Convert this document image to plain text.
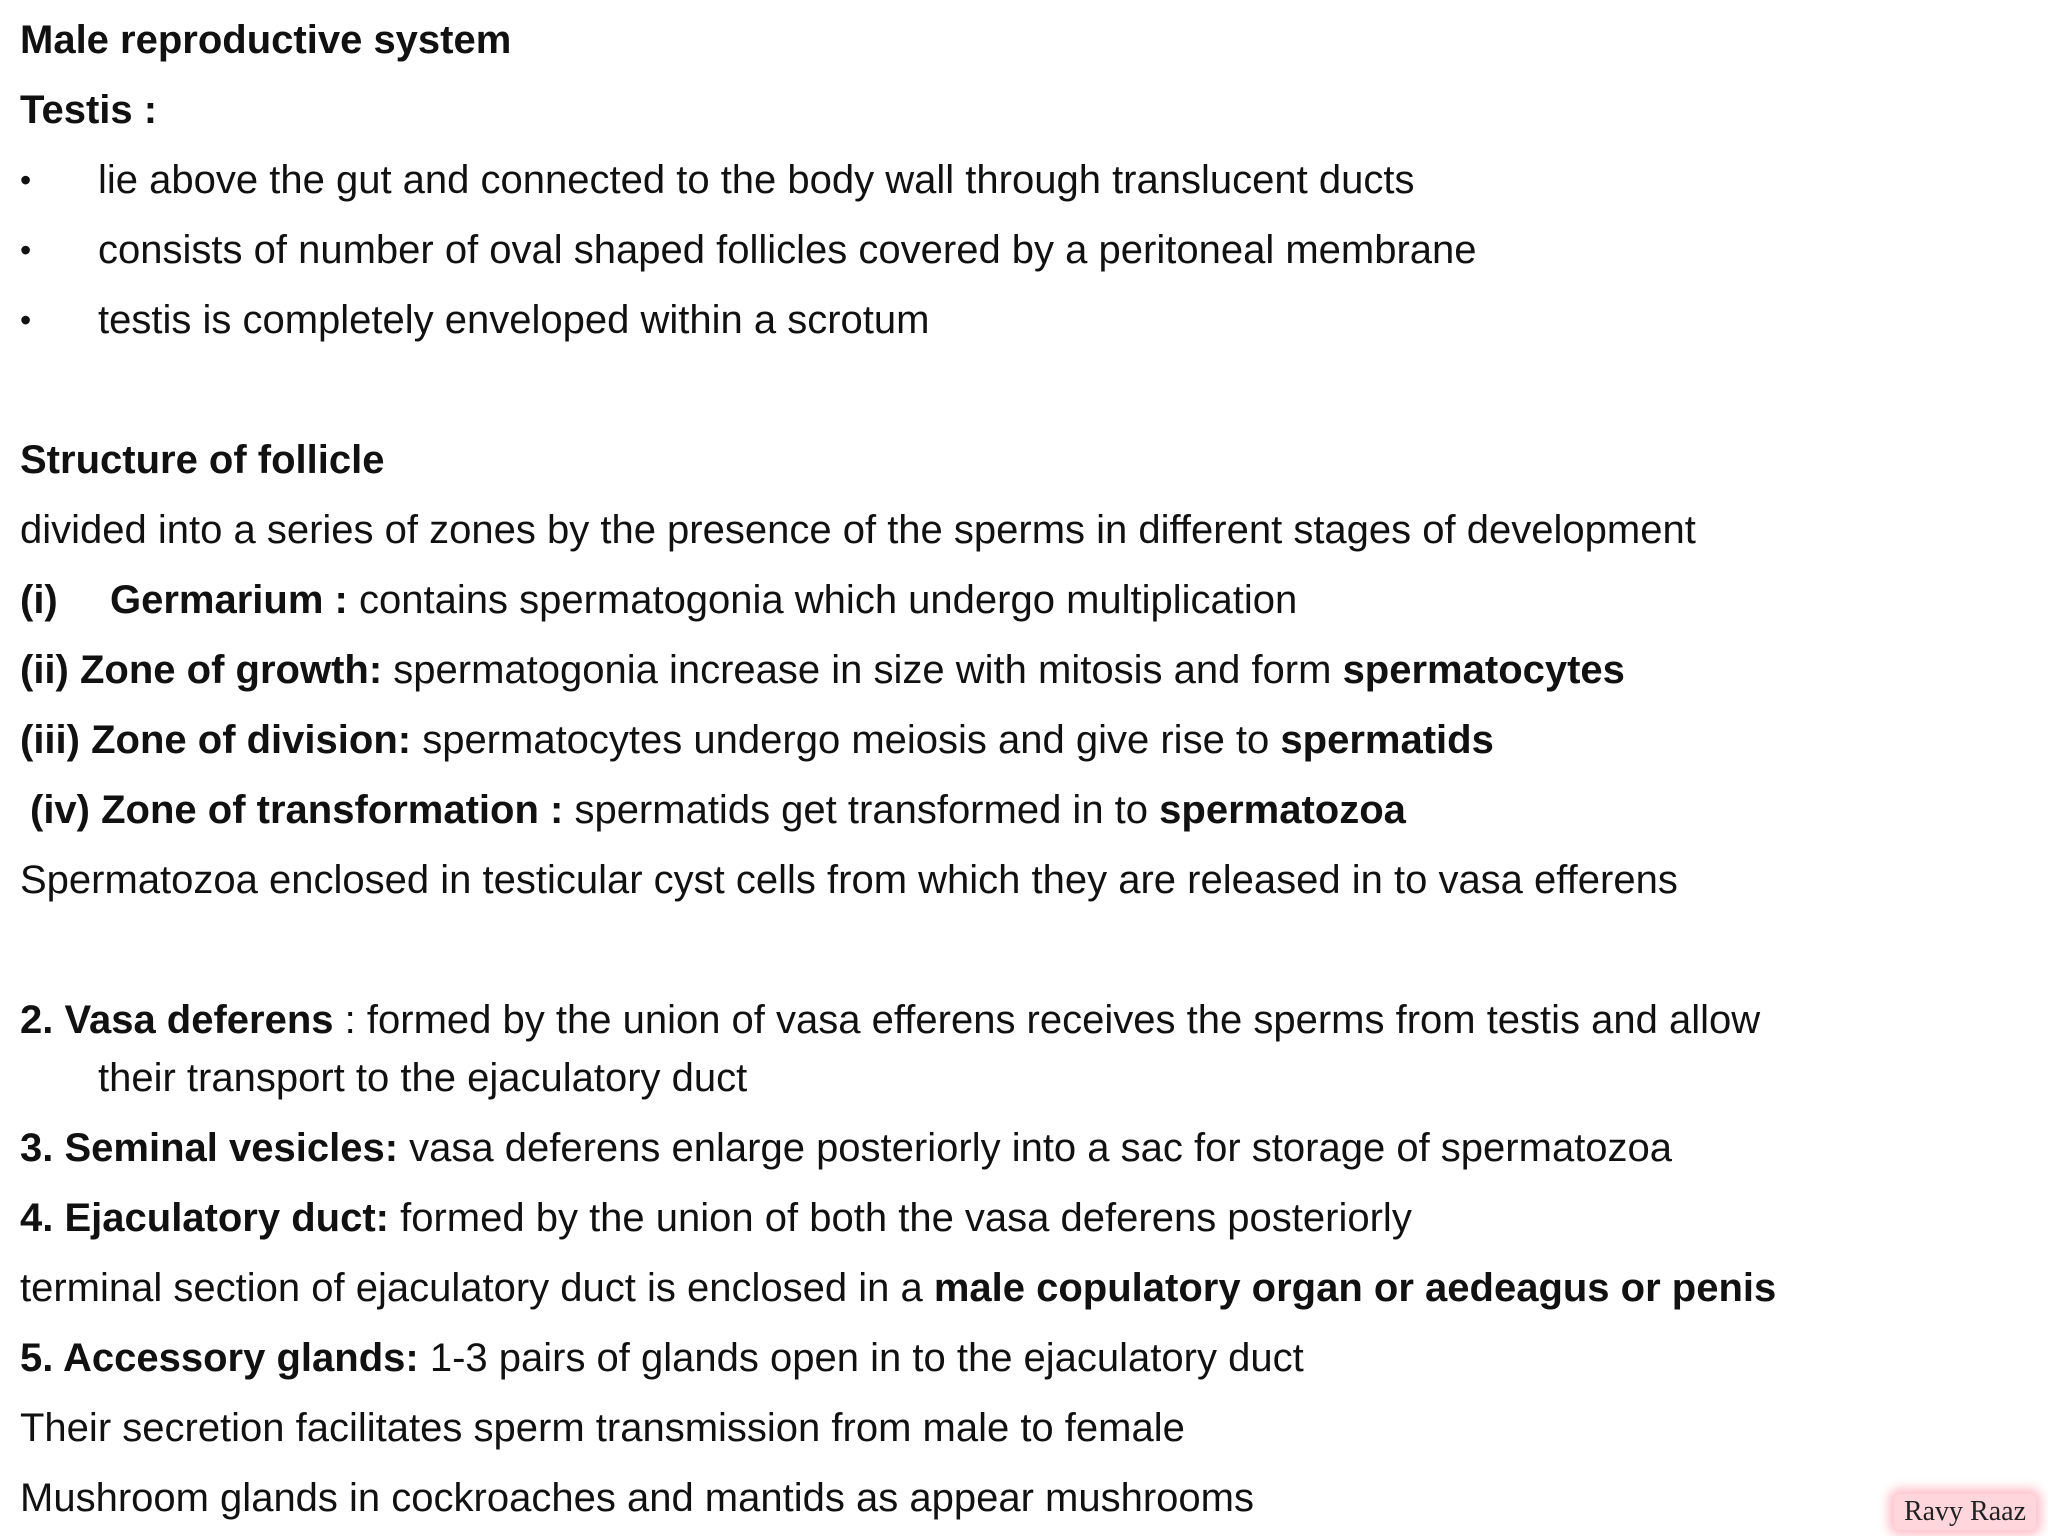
Male reproductive system
Testis :
• lie above the gut and connected to the body wall through translucent ducts
• consists of number of oval shaped follicles covered by a peritoneal membrane
• testis is completely enveloped within a scrotum
Structure of follicle
divided into a series of zones by the presence of the sperms in different stages of development
(i) Germarium : contains spermatogonia which undergo multiplication
(ii) Zone of growth: spermatogonia increase in size with mitosis and form spermatocytes
(iii) Zone of division: spermatocytes undergo meiosis and give rise to spermatids
(iv) Zone of transformation : spermatids get transformed in to spermatozoa
Spermatozoa enclosed in testicular cyst cells from which they are released in to vasa efferens
2. Vasa deferens : formed by the union of vasa efferens receives the sperms from testis and allow
their transport to the ejaculatory duct
3. Seminal vesicles: vasa deferens enlarge posteriorly into a sac for storage of spermatozoa
4. Ejaculatory duct: formed by the union of both the vasa deferens posteriorly
terminal section of ejaculatory duct is enclosed in a male copulatory organ or aedeagus or penis
5. Accessory glands: 1-3 pairs of glands open in to the ejaculatory duct
Their secretion facilitates sperm transmission from male to female
Mushroom glands in cockroaches and mantids as appear mushrooms	Ravy Raaz
